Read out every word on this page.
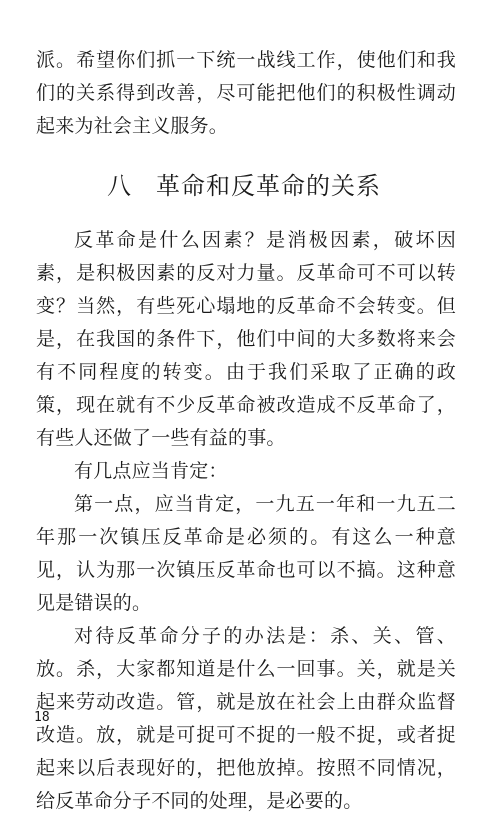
派。希望你们抓一下统一战线工作，使他们和我们的关系得到改善，尽可能把他们的积极性调动起来为社会主义服务。

八 革命和反革命的关系

反革命是什么因素？是消极因素，破坏因素，是积极因素的反对力量。反革命可不可以转变？当然，有些死心塌地的反革命不会转变。但是，在我国的条件下，他们中间的大多数将来会有不同程度的转变。由于我们采取了正确的政策，现在就有不少反革命被改造成不反革命了，有些人还做了一些有益的事。

有几点应当肯定：

第一点，应当肯定，一九五一年和一九五二年那一次镇压反革命是必须的。有这么一种意见，认为那一次镇压反革命也可以不搞。这种意见是错误的。

对待反革命分子的办法是：杀、关、管、放。杀，大家都知道是什么一回事。关，就是关起来劳动改造。管，就是放在社会上由群众监督改造。放，就是可捉可不捉的一般不捉，或者捉起来以后表现好的，把他放掉。按照不同情况，给反革命分子不同的处理，是必要的。

18
